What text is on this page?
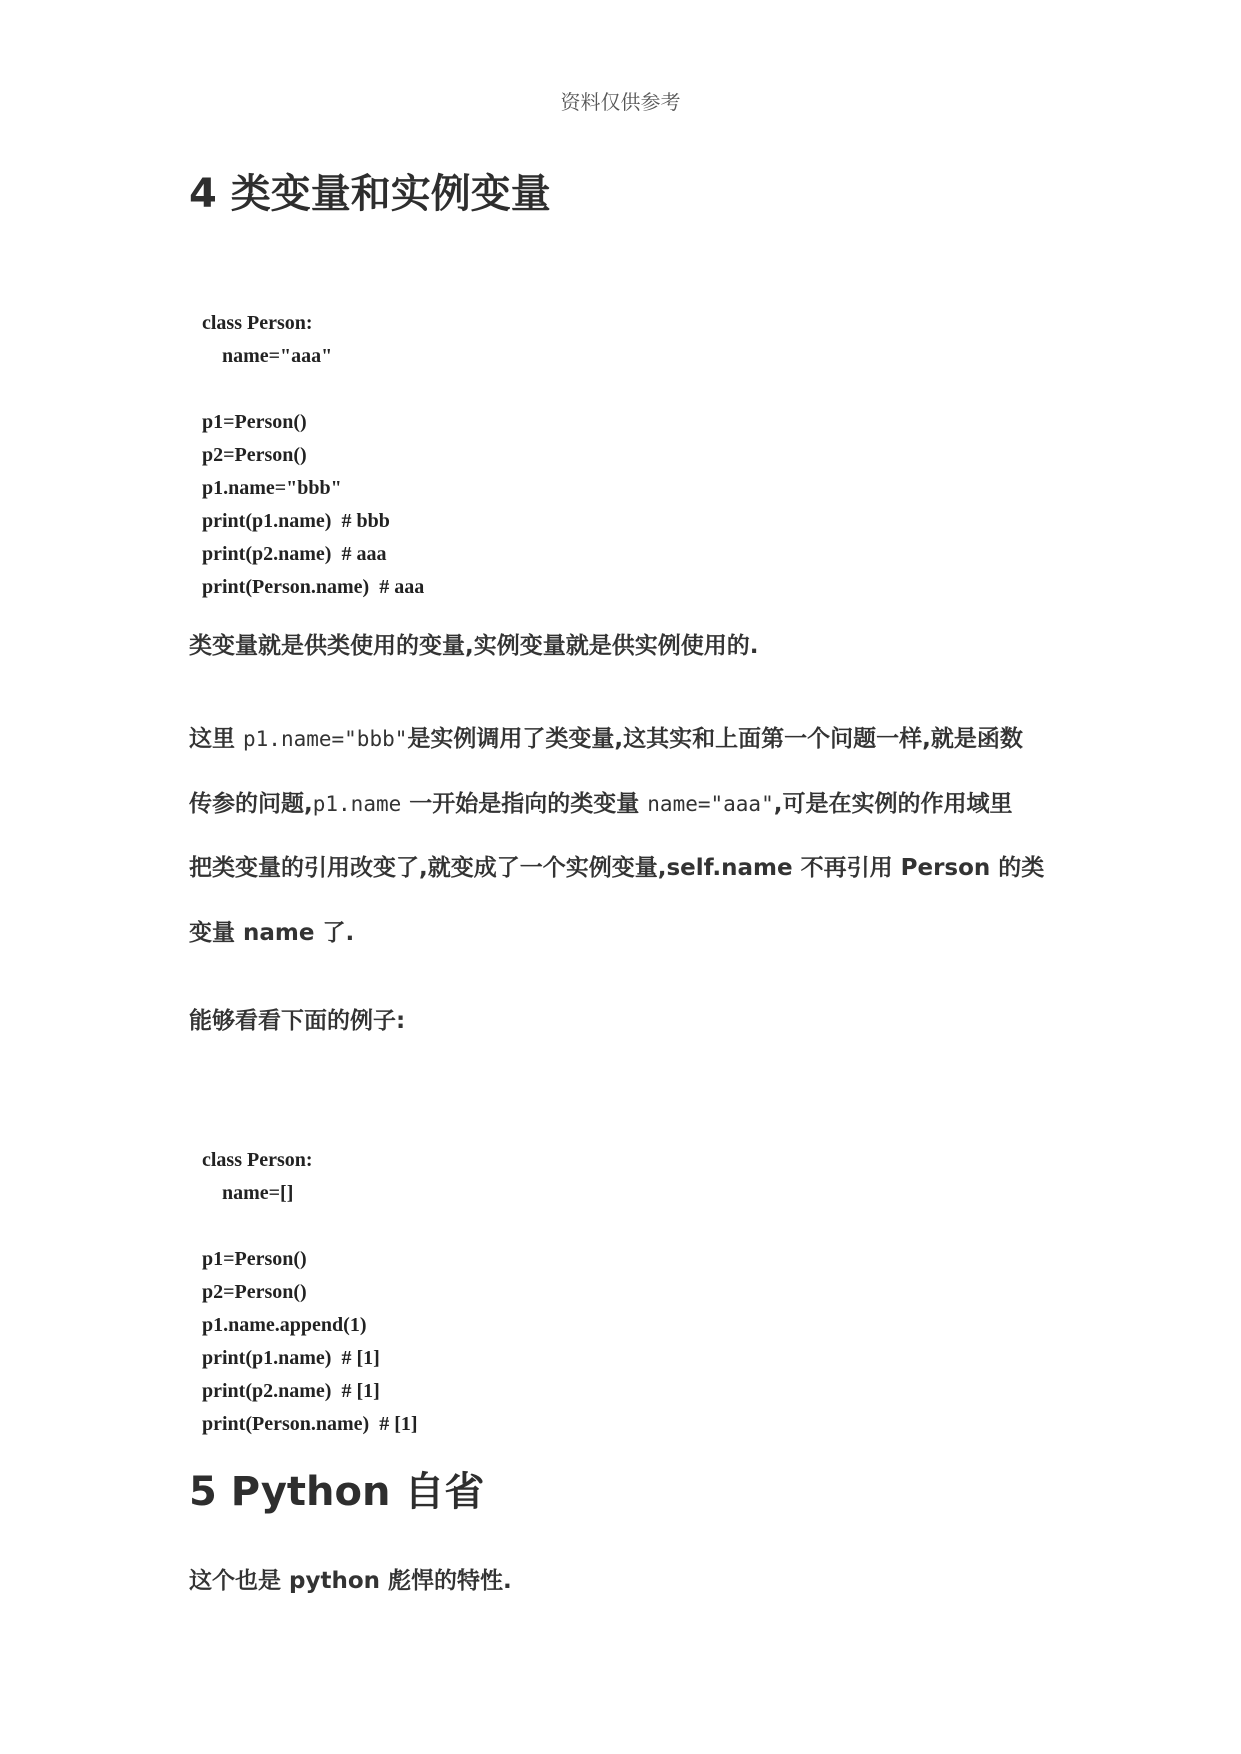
资料仅供参考
4 类变量和实例变量
class Person:
name="aaa"

p1=Person()
p2=Person()
p1.name="bbb"
print(p1.name)  # bbb
print(p2.name)  # aaa
print(Person.name)  # aaa
类变量就是供类使用的变量,实例变量就是供实例使用的.
这里 p1.name="bbb"是实例调用了类变量,这其实和上面第一个问题一样,就是函数
传参的问题,p1.name 一开始是指向的类变量 name="aaa",可是在实例的作用域里
把类变量的引用改变了,就变成了一个实例变量,self.name 不再引用 Person 的类
变量 name 了.
能够看看下面的例子:
class Person:
name=[]

p1=Person()
p2=Person()
p1.name.append(1)
print(p1.name)  # [1]
print(p2.name)  # [1]
print(Person.name)  # [1]
5 Python 自省
这个也是 python 彪悍的特性.
